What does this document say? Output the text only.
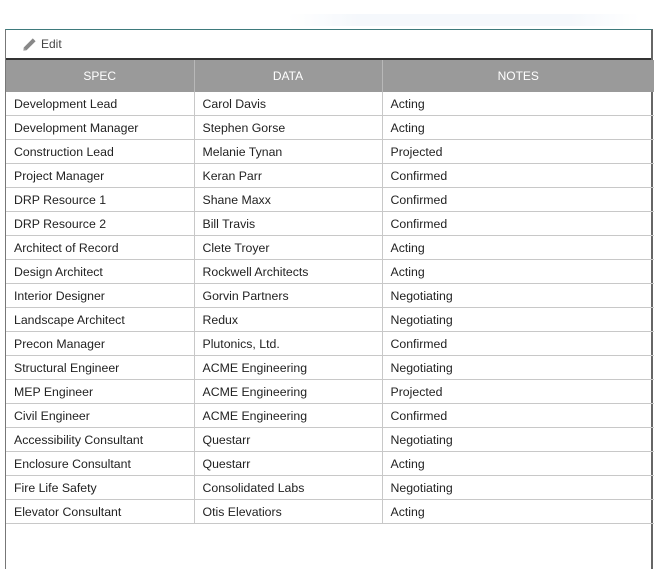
Edit
SPEC	DATA	NOTES
Development Lead	Carol Davis	Acting
Development Manager	Stephen Gorse	Acting
Construction Lead	Melanie Tynan	Projected
Project Manager	Keran Parr	Confirmed
DRP Resource 1	Shane Maxx	Confirmed
DRP Resource 2	Bill Travis	Confirmed
Architect of Record	Clete Troyer	Acting
Design Architect	Rockwell Architects	Acting
Interior Designer	Gorvin Partners	Negotiating
Landscape Architect	Redux	Negotiating
Precon Manager	Plutonics, Ltd.	Confirmed
Structural Engineer	ACME Engineering	Negotiating
MEP Engineer	ACME Engineering	Projected
Civil Engineer	ACME Engineering	Confirmed
Accessibility Consultant	Questarr	Negotiating
Enclosure Consultant	Questarr	Acting
Fire Life Safety	Consolidated Labs	Negotiating
Elevator Consultant	Otis Elevatiors	Acting
